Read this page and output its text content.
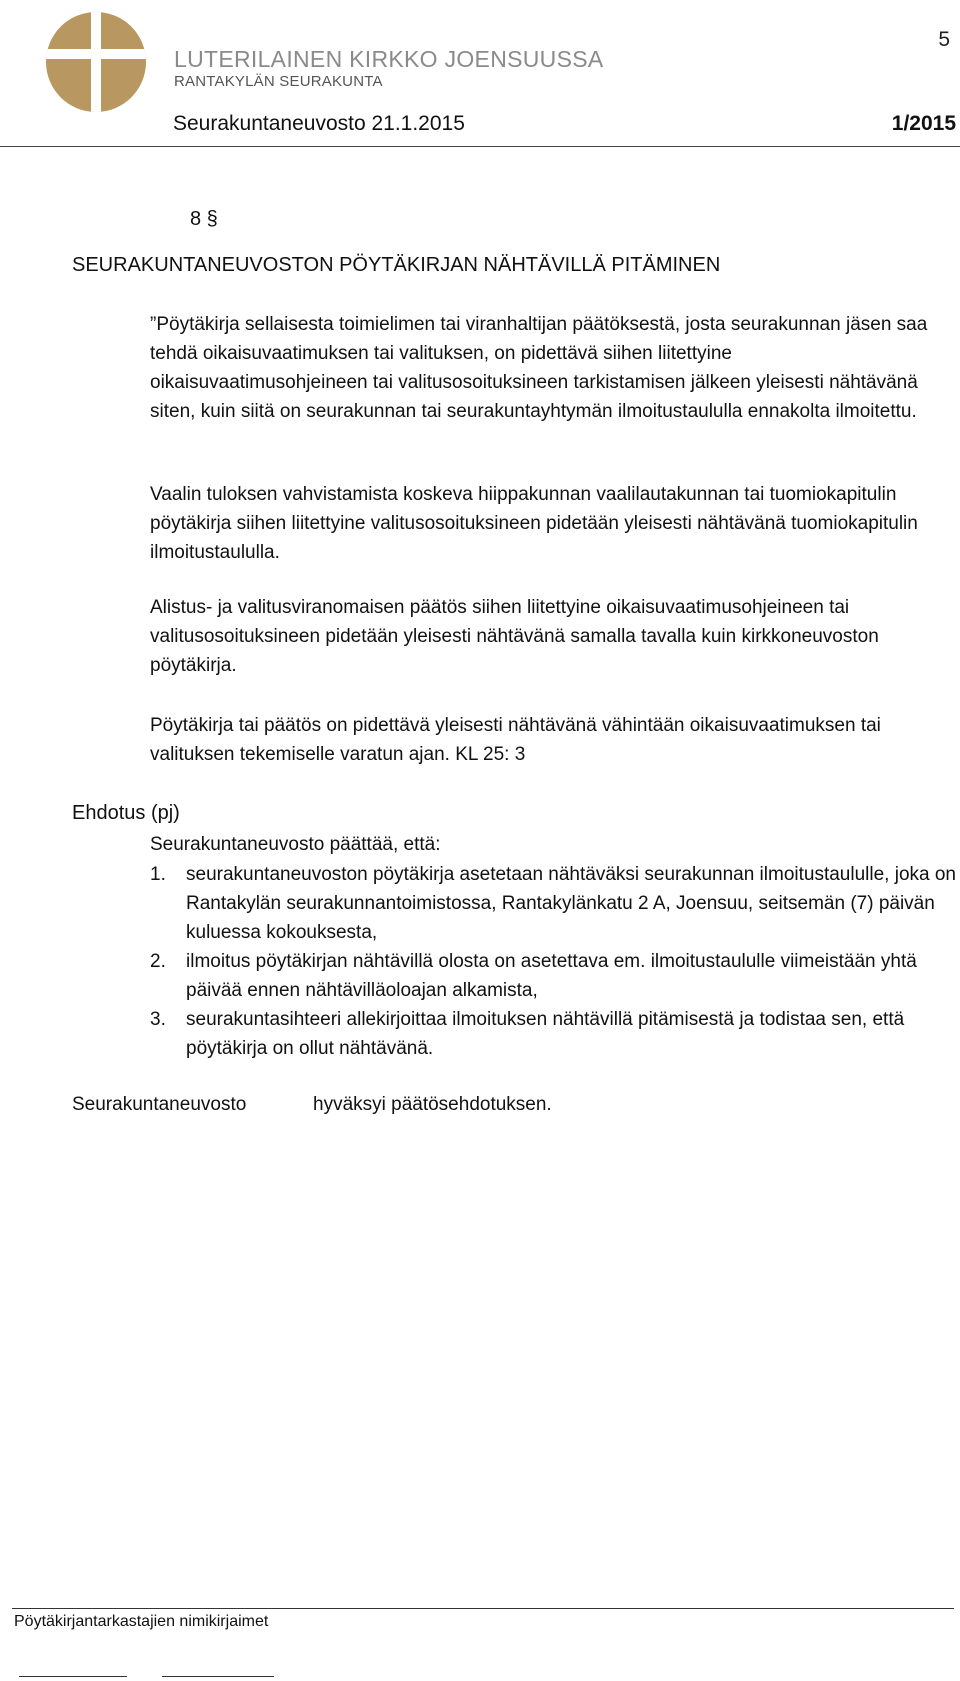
LUTERILAINEN KIRKKO JOENSUUSSA
RANTAKYLÄN SEURAKUNTA
5
Seurakuntaneuvosto 21.1.2015	1/2015
8 §
SEURAKUNTANEUVOSTON PÖYTÄKIRJAN NÄHTÄVILLÄ PITÄMINEN
”Pöytäkirja sellaisesta toimielimen tai viranhaltijan päätöksestä, josta seurakunnan jäsen saa tehdä oikaisuvaatimuksen tai valituksen, on pidettävä siihen liitettyine oikaisuvaatimusohjeineen tai valitusosoituksineen tarkistamisen jälkeen yleisesti nähtävänä siten, kuin siitä on seurakunnan tai seurakuntayhtymän ilmoitustaululla ennakolta ilmoitettu.
Vaalin tuloksen vahvistamista koskeva hiippakunnan vaalilautakunnan tai tuomiokapitulin pöytäkirja siihen liitettyine valitusosoituksineen pidetään yleisesti nähtävänä tuomiokapitulin ilmoitustaululla.
Alistus- ja valitusviranomaisen päätös siihen liitettyine oikaisuvaatimusohjeineen tai valitusosoituksineen pidetään yleisesti nähtävänä samalla tavalla kuin kirkkoneuvoston pöytäkirja.
Pöytäkirja tai päätös on pidettävä yleisesti nähtävänä vähintään oikaisuvaatimuksen tai valituksen tekemiselle varatun ajan. KL 25: 3
Ehdotus (pj)
Seurakuntaneuvosto päättää, että:
1. seurakuntaneuvoston pöytäkirja asetetaan nähtäväksi seurakunnan ilmoitustaululle, joka on Rantakylän seurakunnantoimistossa, Rantakylänkatu 2 A, Joensuu, seitsemän (7) päivän kuluessa kokouksesta,
2. ilmoitus pöytäkirjan nähtävillä olosta on asetettava em. ilmoitustaululle viimeistään yhtä päivää ennen nähtävilläoloajan alkamista,
3. seurakuntasihteeri allekirjoittaa ilmoituksen nähtävillä pitämisestä ja todistaa sen, että pöytäkirja on ollut nähtävänä.
Seurakuntaneuvosto	hyväksyi päätösehdotuksen.
Pöytäkirjantarkastajien nimikirjaimet
